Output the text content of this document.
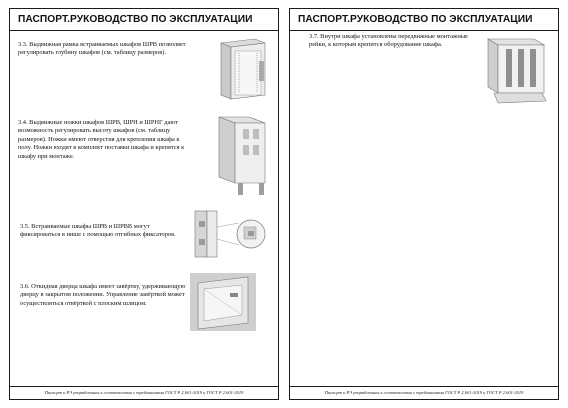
ПАСПОРТ.РУКОВОДСТВО ПО ЭКСПЛУАТАЦИИ
3.3. Выдвижная рамка встраиваемых шкафов ШРВ позволяет регулировать глубину шкафов (см. таблицу размеров).
3.4. Выдвижные ножки шкафов ШРВ, ШРН и ШРНГ дают возможность регулировать высоту шкафов (см. таблицу размеров). Ножки имеют отверстия для крепления шкафа к полу. Ножки входят в комплект поставки шкафа и крепятся к шкафу при монтаже.
3.5. Встраиваемые шкафы ШРВ и ШРВВ могут фиксироваться в нише с помощью отгибных фиксаторов.
3.6. Откидная дверца шкафа имеет завёртку, удерживающую дверцу в закрытом положении. Управление завёрткой может осуществляться отвёрткой с плоским шлицом.
Паспорт и РЭ разработаны в соответствии с требованиями ГОСТ Р 2.601-2019 и ГОСТ Р 2.601-2019
ПАСПОРТ.РУКОВОДСТВО ПО ЭКСПЛУАТАЦИИ
3.7. Внутри шкафа установлены передвижные монтажные рейки, к которым крепится оборудование шкафа.
Паспорт и РЭ разработаны в соответствии с требованиями ГОСТ Р 2.601-2019 и ГОСТ Р 2.601-2019
